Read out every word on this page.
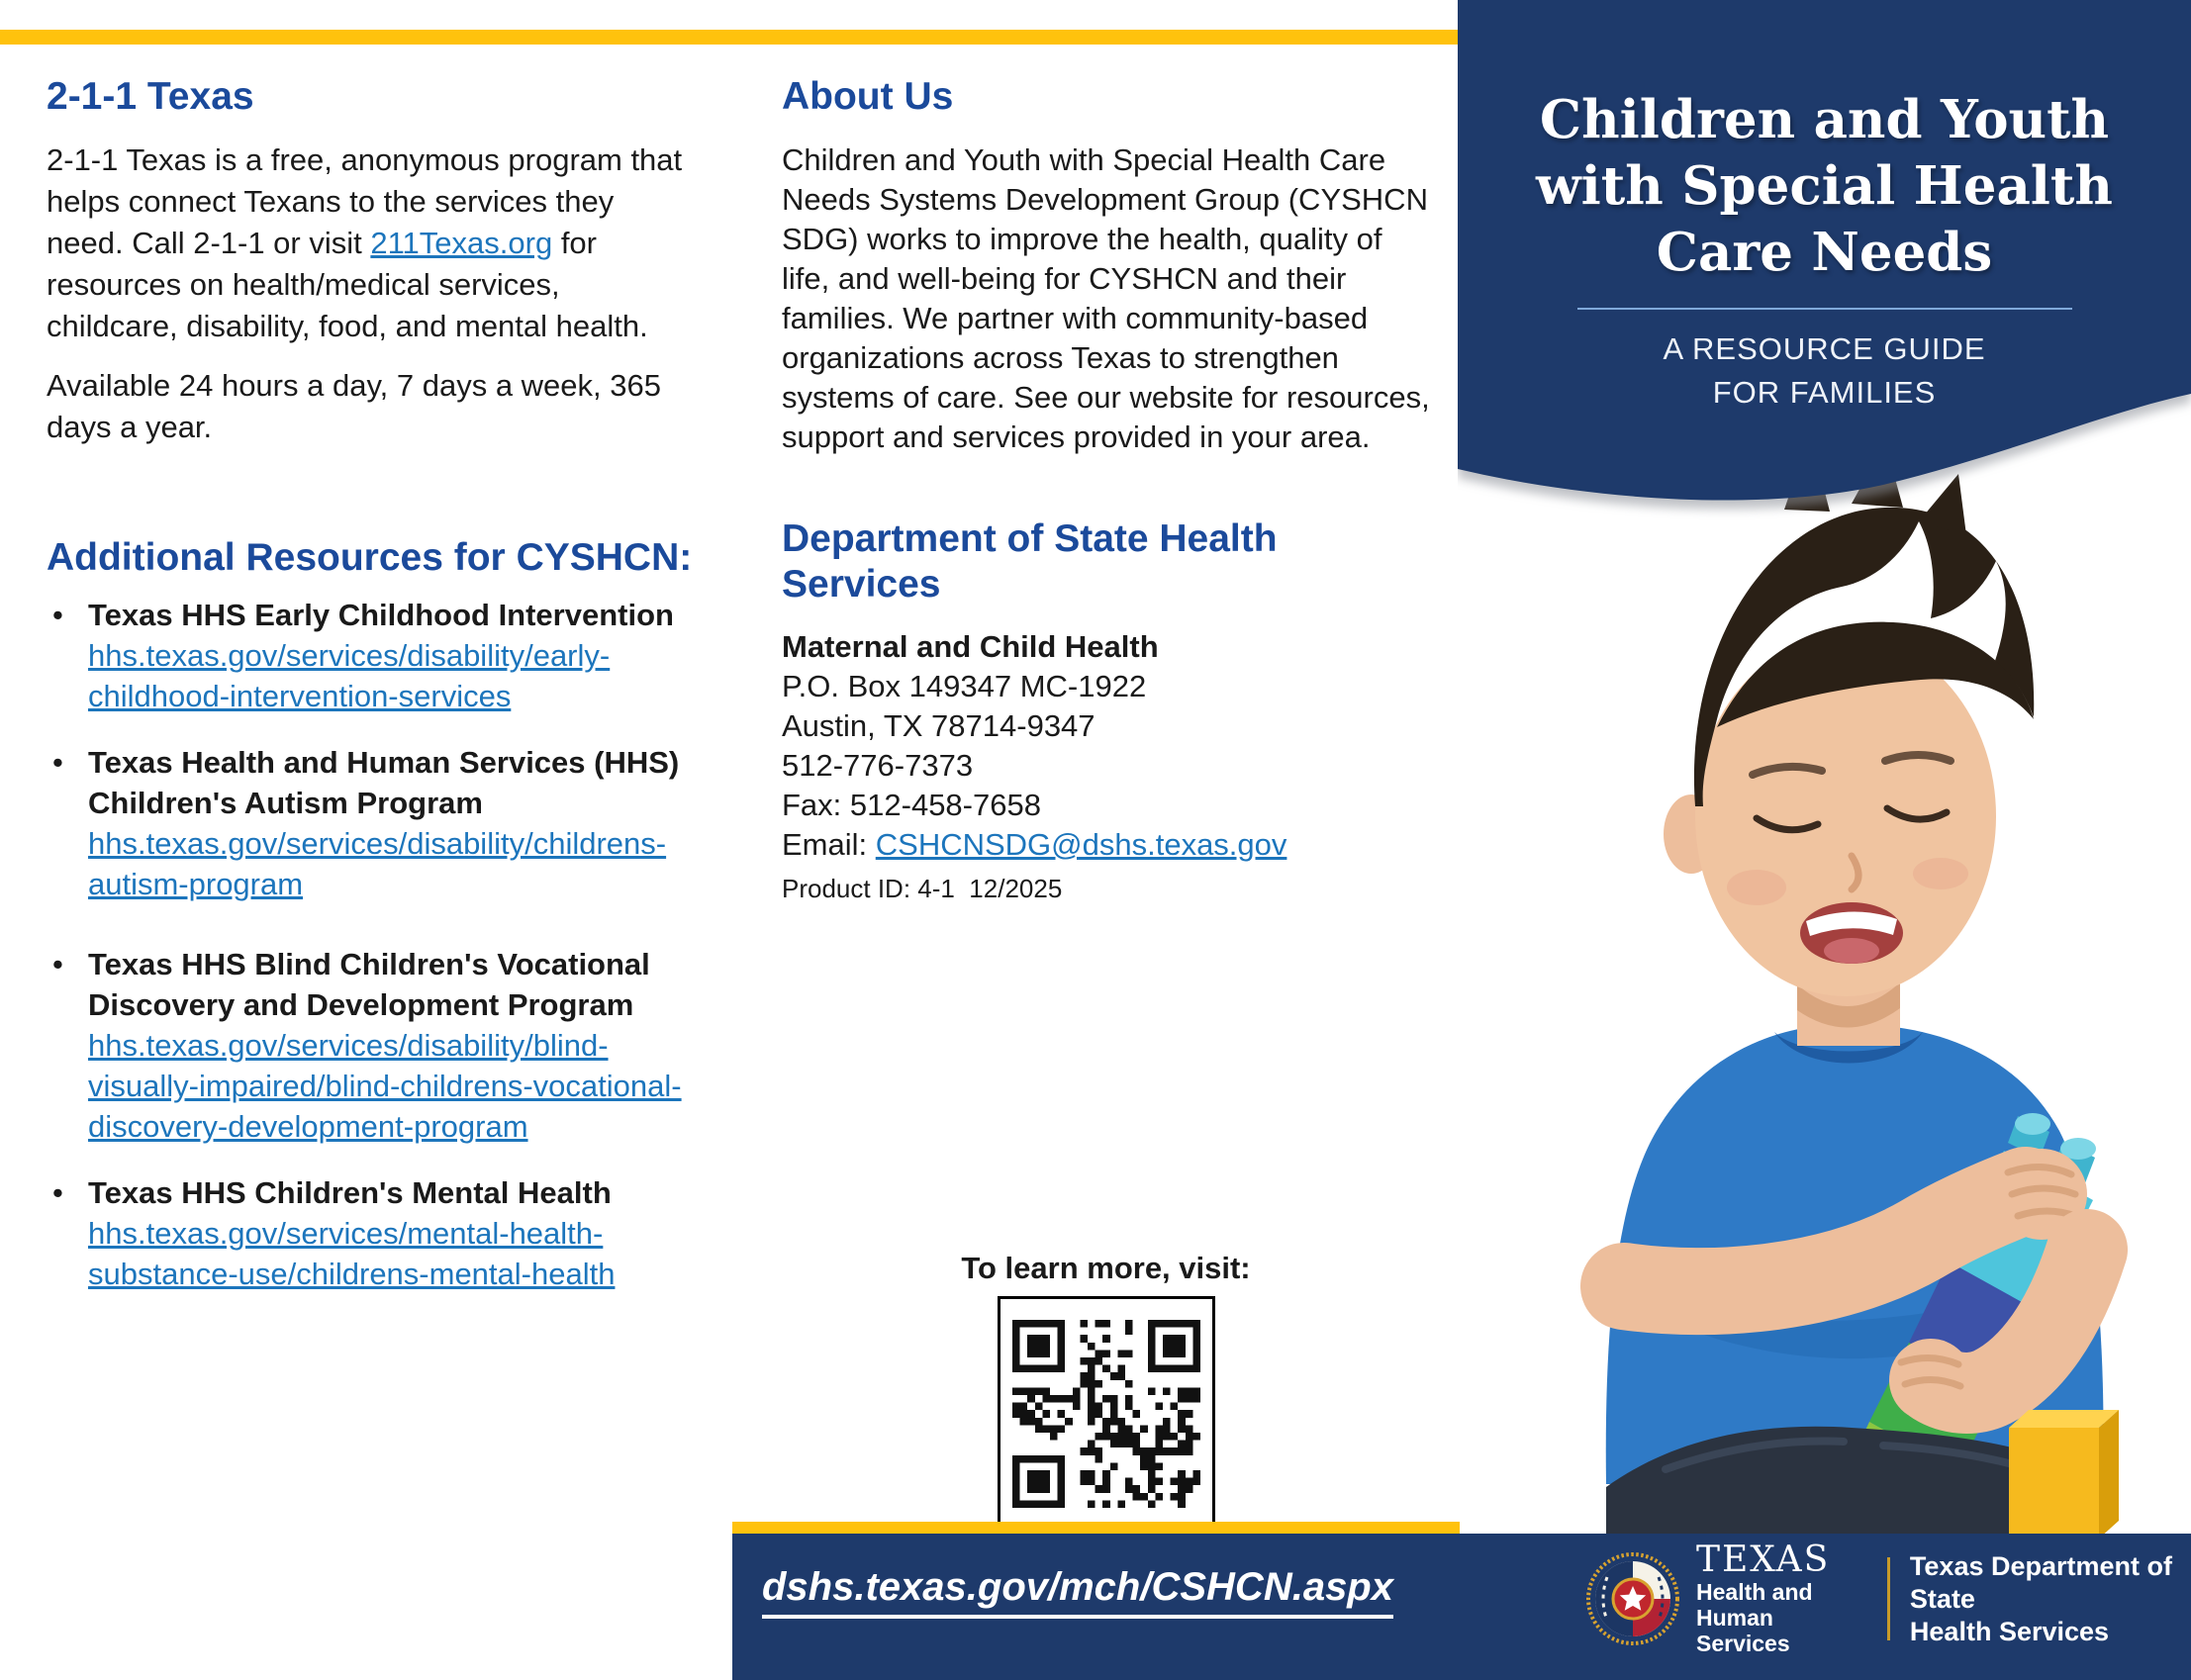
2-1-1 Texas

2-1-1 Texas is a free, anonymous program that helps connect Texans to the services they need. Call 2-1-1 or visit 211Texas.org for resources on health/medical services, childcare, disability, food, and mental health.

Available 24 hours a day, 7 days a week, 365 days a year.

Additional Resources for CYSHCN:
• Texas HHS Early Childhood Intervention
hhs.texas.gov/services/disability/early-childhood-intervention-services
• Texas Health and Human Services (HHS) Children's Autism Program
hhs.texas.gov/services/disability/childrens-autism-program
• Texas HHS Blind Children's Vocational Discovery and Development Program
hhs.texas.gov/services/disability/blind-visually-impaired/blind-childrens-vocational-discovery-development-program
• Texas HHS Children's Mental Health
hhs.texas.gov/services/mental-health-substance-use/childrens-mental-health
About Us

Children and Youth with Special Health Care Needs Systems Development Group (CYSHCN SDG) works to improve the health, quality of life, and well-being for CYSHCN and their families. We partner with community-based organizations across Texas to strengthen systems of care. See our website for resources, support and services provided in your area.

Department of State Health Services
Maternal and Child Health
P.O. Box 149347 MC-1922
Austin, TX 78714-9347
512-776-7373
Fax: 512-458-7658
Email: CSHCNSDG@dshs.texas.gov
Product ID: 4-1  12/2025
To learn more, visit:
Children and Youth
with Special Health
Care Needs
A RESOURCE GUIDE
FOR FAMILIES
dshs.texas.gov/mch/CSHCN.aspx
TEXAS
Health and Human
Services
Texas Department of State
Health Services
